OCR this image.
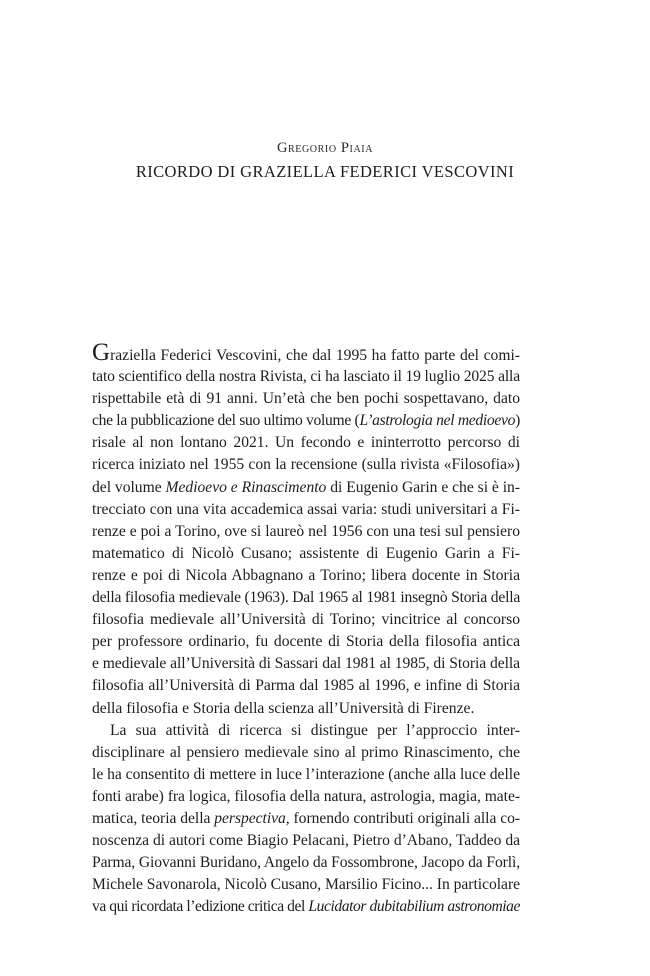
Gregorio Piaia
RICORDO DI GRAZIELLA FEDERICI VESCOVINI
Graziella Federici Vescovini, che dal 1995 ha fatto parte del comi-
tato scientifico della nostra Rivista, ci ha lasciato il 19 luglio 2025 alla
rispettabile età di 91 anni. Un’età che ben pochi sospettavano, dato
che la pubblicazione del suo ultimo volume (L’astrologia nel medioevo)
risale al non lontano 2021. Un fecondo e ininterrotto percorso di
ricerca iniziato nel 1955 con la recensione (sulla rivista «Filosofia»)
del volume Medioevo e Rinascimento di Eugenio Garin e che si è in-
trecciato con una vita accademica assai varia: studi universitari a Fi-
renze e poi a Torino, ove si laureò nel 1956 con una tesi sul pensiero
matematico di Nicolò Cusano; assistente di Eugenio Garin a Fi-
renze e poi di Nicola Abbagnano a Torino; libera docente in Storia
della filosofia medievale (1963). Dal 1965 al 1981 insegnò Storia della
filosofia medievale all’Università di Torino; vincitrice al concorso
per professore ordinario, fu docente di Storia della filosofia antica
e medievale all’Università di Sassari dal 1981 al 1985, di Storia della
filosofia all’Università di Parma dal 1985 al 1996, e infine di Storia
della filosofia e Storia della scienza all’Università di Firenze.
La sua attività di ricerca si distingue per l’approccio inter-
disciplinare al pensiero medievale sino al primo Rinascimento, che
le ha consentito di mettere in luce l’interazione (anche alla luce delle
fonti arabe) fra logica, filosofia della natura, astrologia, magia, mate-
matica, teoria della perspectiva, fornendo contributi originali alla co-
noscenza di autori come Biagio Pelacani, Pietro d’Abano, Taddeo da
Parma, Giovanni Buridano, Angelo da Fossombrone, Jacopo da Forlì,
Michele Savonarola, Nicolò Cusano, Marsilio Ficino... In particolare
va qui ricordata l’edizione critica del Lucidator dubitabilium astronomiae
